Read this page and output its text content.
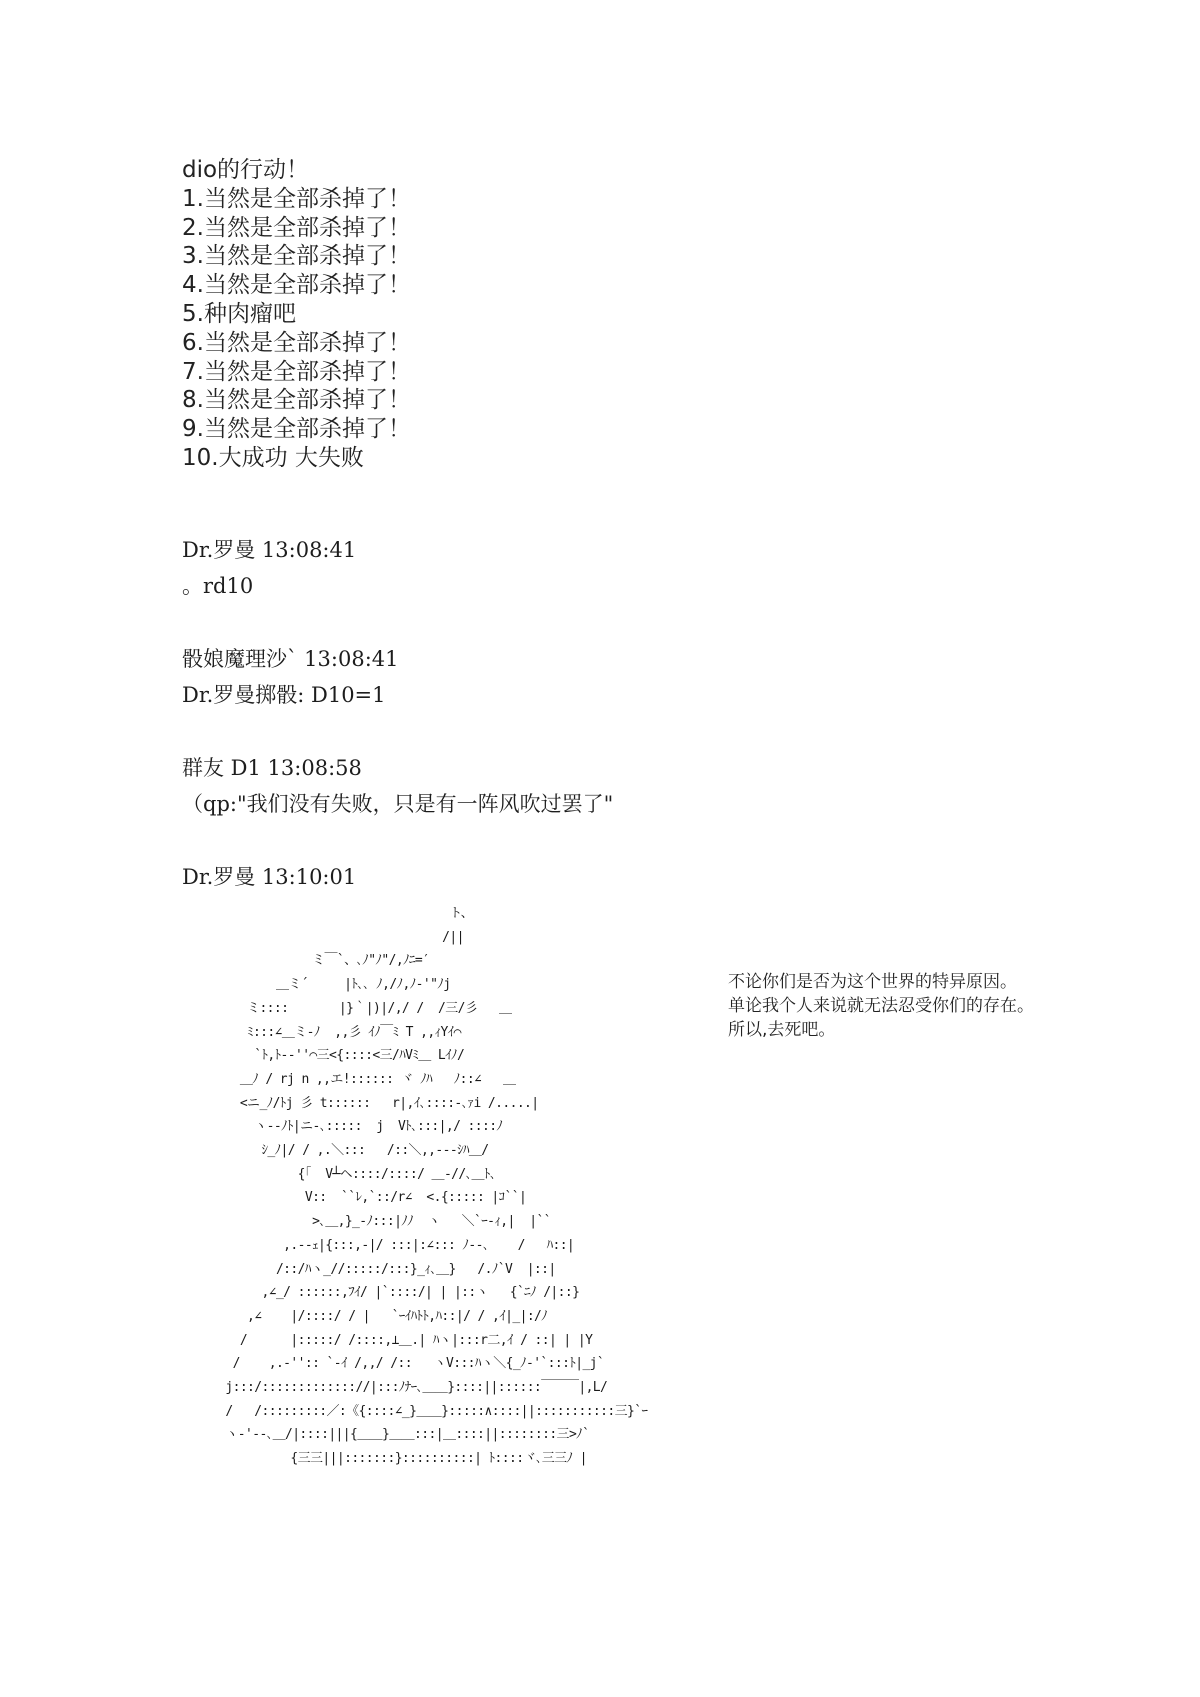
dio的行动！
1.当然是全部杀掉了！
2.当然是全部杀掉了！
3.当然是全部杀掉了！
4.当然是全部杀掉了！
5.种肉瘤吧
6.当然是全部杀掉了！
7.当然是全部杀掉了！
8.当然是全部杀掉了！
9.当然是全部杀掉了！
10.大成功 大失败
Dr.罗曼 13:08:41
。rd10
骰娘魔理沙` 13:08:41
Dr.罗曼掷骰: D10=1
群友 D1 13:08:58
（qp:"我们没有失败，只是有一阵风吹过罢了"
Dr.罗曼 13:10:01
ト、
/||
ミ￣`、､ﾉ"ﾉ"/,ﾉﾆ=′
＿ミ´     |ﾄ､､ ﾉ,/ﾉ,ﾉ-'"ﾉj
ミ::::       |}｀|)|/,/ /  /三/彡   ＿
ﾐ:::∠＿ミ-ﾉ  ,,彡 ｲﾉ￣ﾐ T ,,ｨYｲ⌒
`ﾄ,ﾄ-‐''⌒三<{::::<三/ﾊVﾐ＿ Lｲﾉ/
＿ﾉ / rj n ,,エ!:::::: ヾ ﾉﾊ   ﾉ::∠   ＿
<ニ_ﾉ/ﾄj 彡 t::::::   r|,ｲ､::::-､ｧi /.....|
ヽ‐‐ﾉﾄ|ニ-､:::::  j  Vﾄ､:::|,/ ::::ﾉ
ｼ_ﾉ|/ / ,.＼:::   /::＼,,-‐-ｼﾊ＿/
{｢  V┴ヘ::::/::::/ ＿-//､＿ﾄ､
V::  ``ﾚ,`::/r∠  <.{::::: |ｺ``|
>､＿,}_-ﾉ:::|ﾉﾉ  ヽ   ＼`ｰ-ｨ,|  |``
,.-‐ｪ|{:::,-|/ :::|:∠::: ﾉ--､    /   ﾊ::|
/::/ﾊヽ_//:::::/:::}_ｨ､＿}   /.ﾉ`V  |::|
,∠_/ ::::::,ﾌｲ/ |`::::/| | |::ヽ   {`ﾆﾉ /|::}
,∠    |/::::/ / |   `ｰｲﾊﾄﾄ,ﾊ::|/ / ,ｲ|_|:/ﾉ
/      |:::::/ /::::,⊥＿.| ﾊヽ|:::r二,ｲ / ::| | |Y
/    ,.-'':: `-ｲ /,,/ /::   ヽV:::ﾊヽ＼{_ﾉ-'`:::ﾄ|_j`
j:::/::::::::::::://|:::ﾉﾅｰ､＿＿}::::||::::::￣￣￣|,L/
/   /:::::::::／:《{::::∠_}＿＿}:::::∧::::||:::::::::::三}`ｰ
ヽ‐'--､＿/|::::|||{＿＿}＿＿:::|＿::::||::::::::三>ﾉ`
{三三|||:::::::}::::::::::| ﾄ::::ヾ､三三ﾉ |
不论你们是否为这个世界的特异原因。
单论我个人来说就无法忍受你们的存在。
所以,去死吧。
